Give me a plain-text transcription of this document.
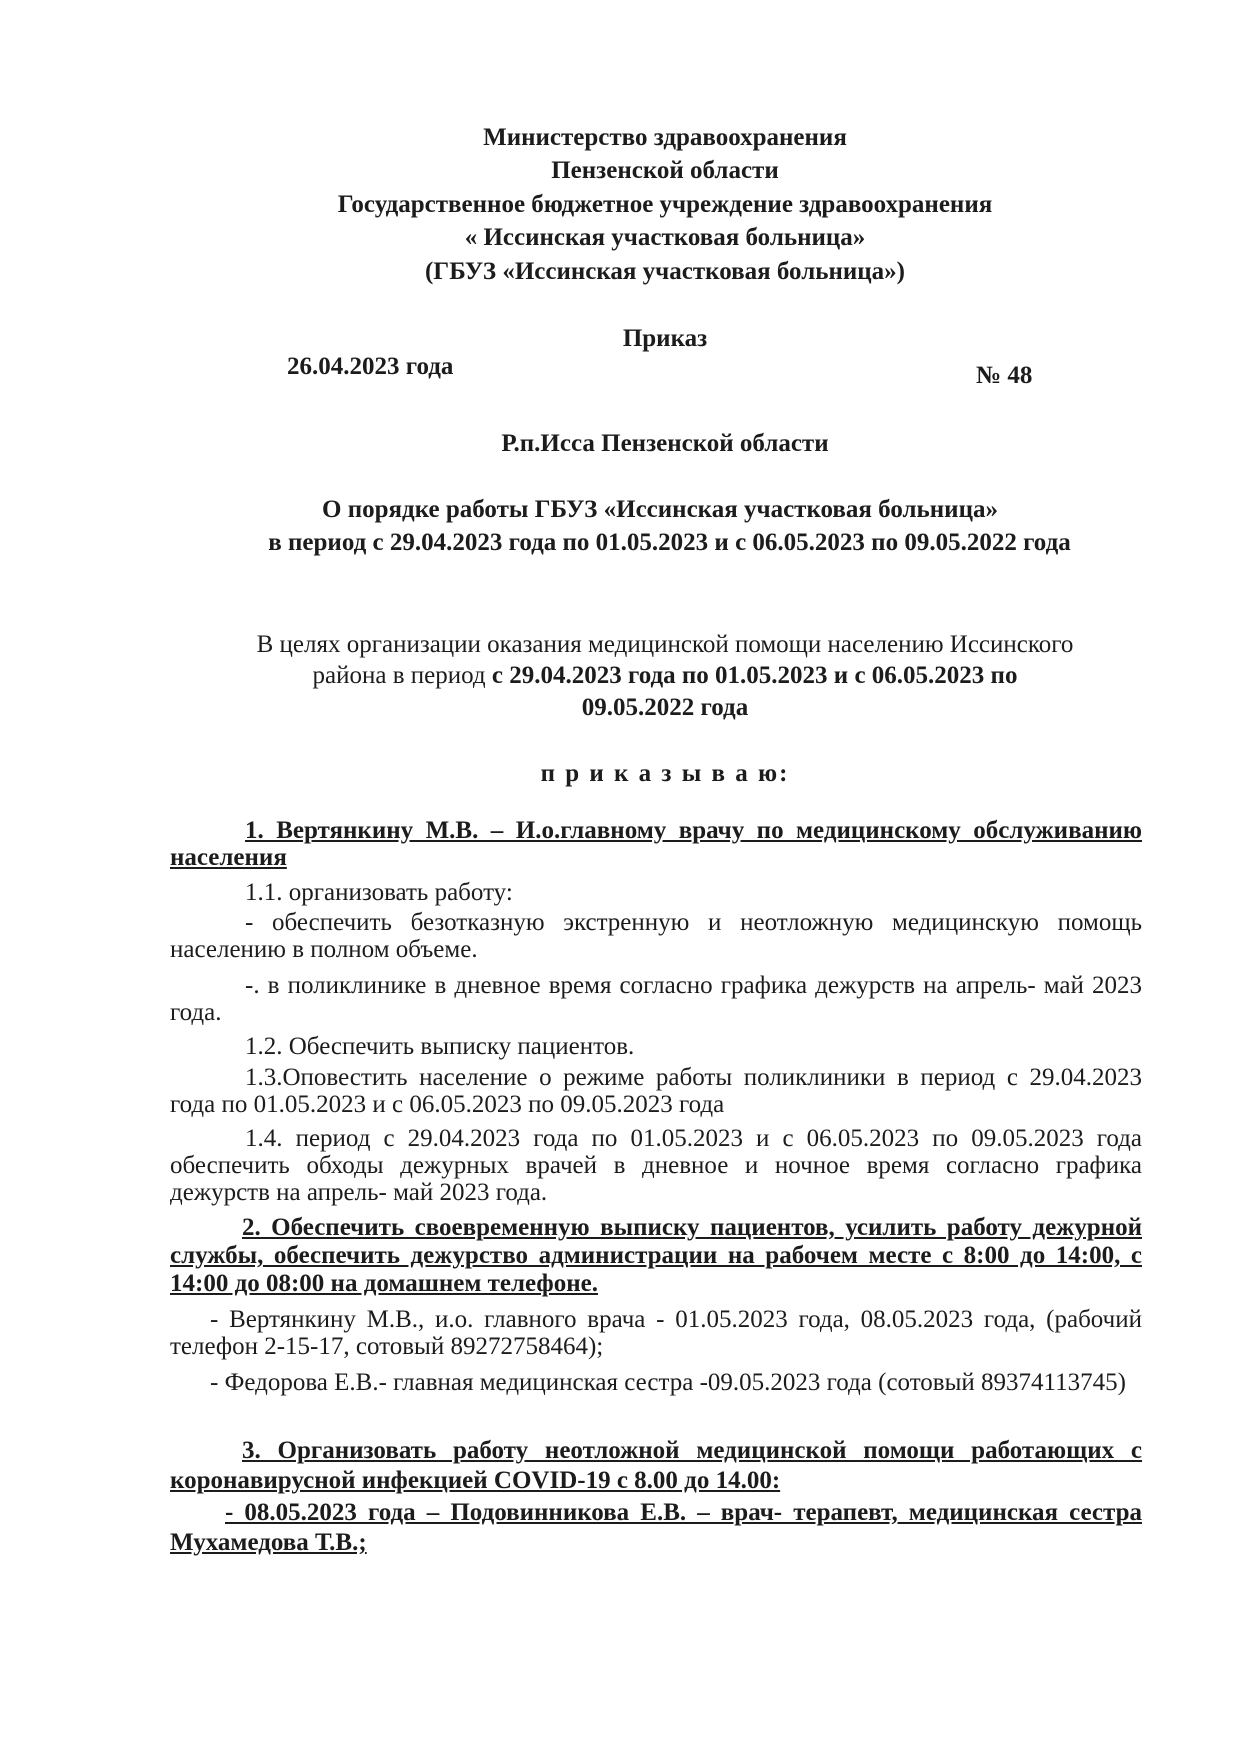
Министерство здравоохранения
Пензенской области
Государственное бюджетное учреждение здравоохранения
« Иссинская участковая больница»
(ГБУЗ «Иссинская участковая больница»)
Приказ
26.04.2023 года	№ 48
Р.п.Исса Пензенской области
О порядке работы ГБУЗ «Иссинская участковая больница»
в период с 29.04.2023 года по 01.05.2023 и с 06.05.2023 по 09.05.2022 года
В целях организации оказания медицинской помощи населению Иссинского
района в период с 29.04.2023 года по 01.05.2023 и с 06.05.2023 по
09.05.2022 года
п р и к а з ы в а ю:
1. Вертянкину М.В. – И.о.главному врачу по медицинскому обслуживанию населения
1.1. организовать работу:
- обеспечить безотказную экстренную и неотложную медицинскую помощь населению в полном объеме.
-. в поликлинике в дневное время согласно графика дежурств на апрель- май 2023 года.
1.2. Обеспечить выписку пациентов.
1.3.Оповестить население о режиме работы поликлиники в период с 29.04.2023 года по 01.05.2023 и с 06.05.2023 по 09.05.2023 года
1.4. период с 29.04.2023 года по 01.05.2023 и с 06.05.2023 по 09.05.2023 года обеспечить обходы дежурных врачей в дневное и ночное время согласно графика дежурств на апрель- май 2023 года.
2. Обеспечить своевременную выписку пациентов, усилить работу дежурной службы, обеспечить дежурство администрации на рабочем месте с 8:00 до 14:00, с 14:00 до 08:00 на домашнем телефоне.
- Вертянкину М.В., и.о. главного врача - 01.05.2023 года, 08.05.2023 года, (рабочий телефон 2-15-17, сотовый 89272758464);
- Федорова Е.В.- главная медицинская сестра -09.05.2023 года (сотовый 89374113745)
3. Организовать работу неотложной медицинской помощи работающих с коронавирусной инфекцией COVID-19 с 8.00 до 14.00:
- 08.05.2023 года – Подовинникова Е.В. – врач- терапевт, медицинская сестра Мухамедова Т.В.;
